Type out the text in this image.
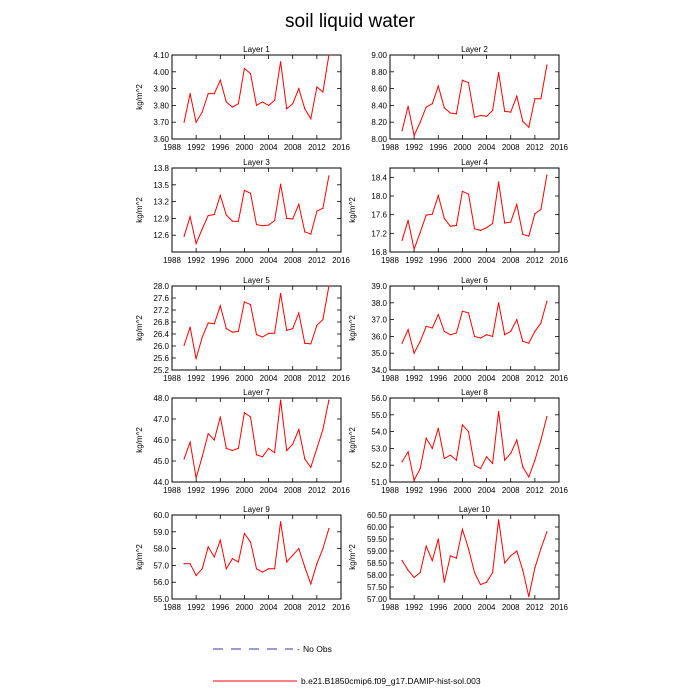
soil liquid water
Layer 1
1988 1992 1996 2000 2004 2008 2012 2016
3.60
3.70
3.80
3.90
4.00
4.10
kg/m^2
Layer 2
1988 1992 1996 2000 2004 2008 2012 2016
8.00
8.20
8.40
8.60
8.80
9.00
Layer 3
1988 1992 1996 2000 2004 2008 2012 2016
12.6
12.9
13.2
13.5
13.8
kg/m^2
Layer 4
1988 1992 1996 2000 2004 2008 2012 2016
16.8
17.2
17.6
18.0
18.4
kg/m^2
Layer 5
1988 1992 1996 2000 2004 2008 2012 2016
25.2
25.6
26.0
26.4
26.8
27.2
27.6
28.0
kg/m^2
Layer 6
1988 1992 1996 2000 2004 2008 2012 2016
34.0
35.0
36.0
37.0
38.0
39.0
kg/m^2
Layer 7
1988 1992 1996 2000 2004 2008 2012 2016
44.0
45.0
46.0
47.0
48.0
kg/m^2
Layer 8
1988 1992 1996 2000 2004 2008 2012 2016
51.0
52.0
53.0
54.0
55.0
56.0
kg/m^2
Layer 9
1988 1992 1996 2000 2004 2008 2012 2016
55.0
56.0
57.0
58.0
59.0
60.0
kg/m^2
Layer 10
1988 1992 1996 2000 2004 2008 2012 2016
57.00
57.50
58.00
58.50
59.00
59.50
60.00
60.50
kg/m^2
- No Obs
b.e21.B1850cmip6.f09_g17.DAMIP-hist-sol.003
